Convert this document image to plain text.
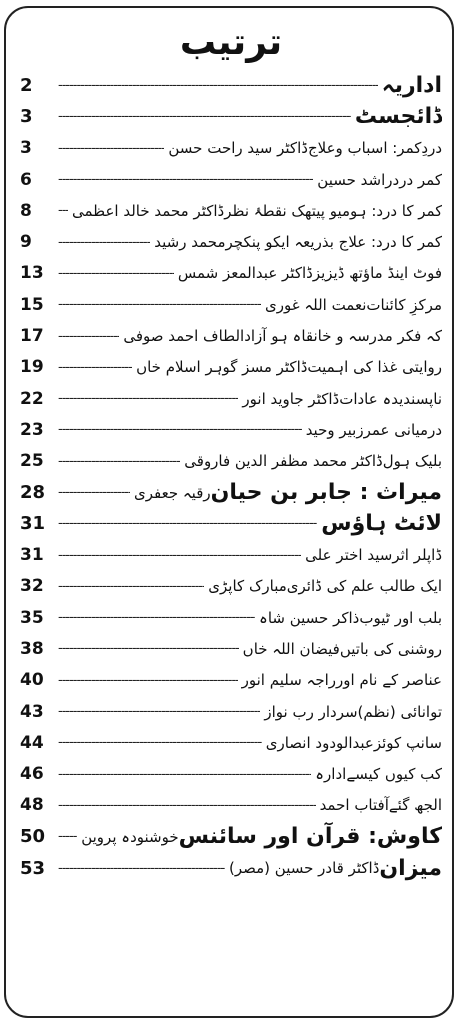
ترتیب
2 -----	اداریہ
3 -----	ڈائجسٹ
3 -----	ڈاکٹر سید راحت حسن دردِکمر: اسباب وعلاج
6 -----	راشد حسین کمر درد
8 -----	ڈاکٹر محمد خالد اعظمی کمر کا درد: ہومیو پیتھک نقطۂ نظر
9 -----	محمد رشید کمر کا درد: علاج بذریعہ ایکو پنکچر
13 -----	ڈاکٹر عبدالمعز شمس فوٹ اینڈ ماؤتھ ڈیزیز
15 -----	نعمت اللہ غوری مرکزِ کائنات
17 -----	الطاف احمد صوفی کہ فکر مدرسہ و خانقاہ ہو آزاد
19 -----	ڈاکٹر مسز گوہر اسلام خاں روایتی غذا کی اہمیت
22 -----	ڈاکٹر جاوید انور ناپسندیدہ عادات
23 -----	زبیر وحید درمیانی عمر
25 -----	ڈاکٹر محمد مظفر الدین فاروقی بلیک ہول
28 -----	رقیہ جعفری میراث : جابر بن حیان
31 -----	لائٹ ہاؤس
31 -----	سید اختر علی ڈاپلر اثر
32 -----	مبارک کاپڑی ایک طالب علم کی ڈائری
35 -----	ذاکر حسین شاہ بلب اور ٹیوب
38 -----	فیضان اللہ خاں روشنی کی باتیں
40 -----	راجہ سلیم انور عناصر کے نام اور
43 -----	سردار رب نواز توانائی (نظم)
44 -----	عبدالودود انصاری سانپ کوئز
46 -----	ادارہ کب کیوں کیسے
48 -----	آفتاب احمد الجھ گئے
50 -----	خوشنودہ پروین کاوش: قرآن اور سائنس
53 -----	ڈاکٹر قادر حسین (مصر) میزان
